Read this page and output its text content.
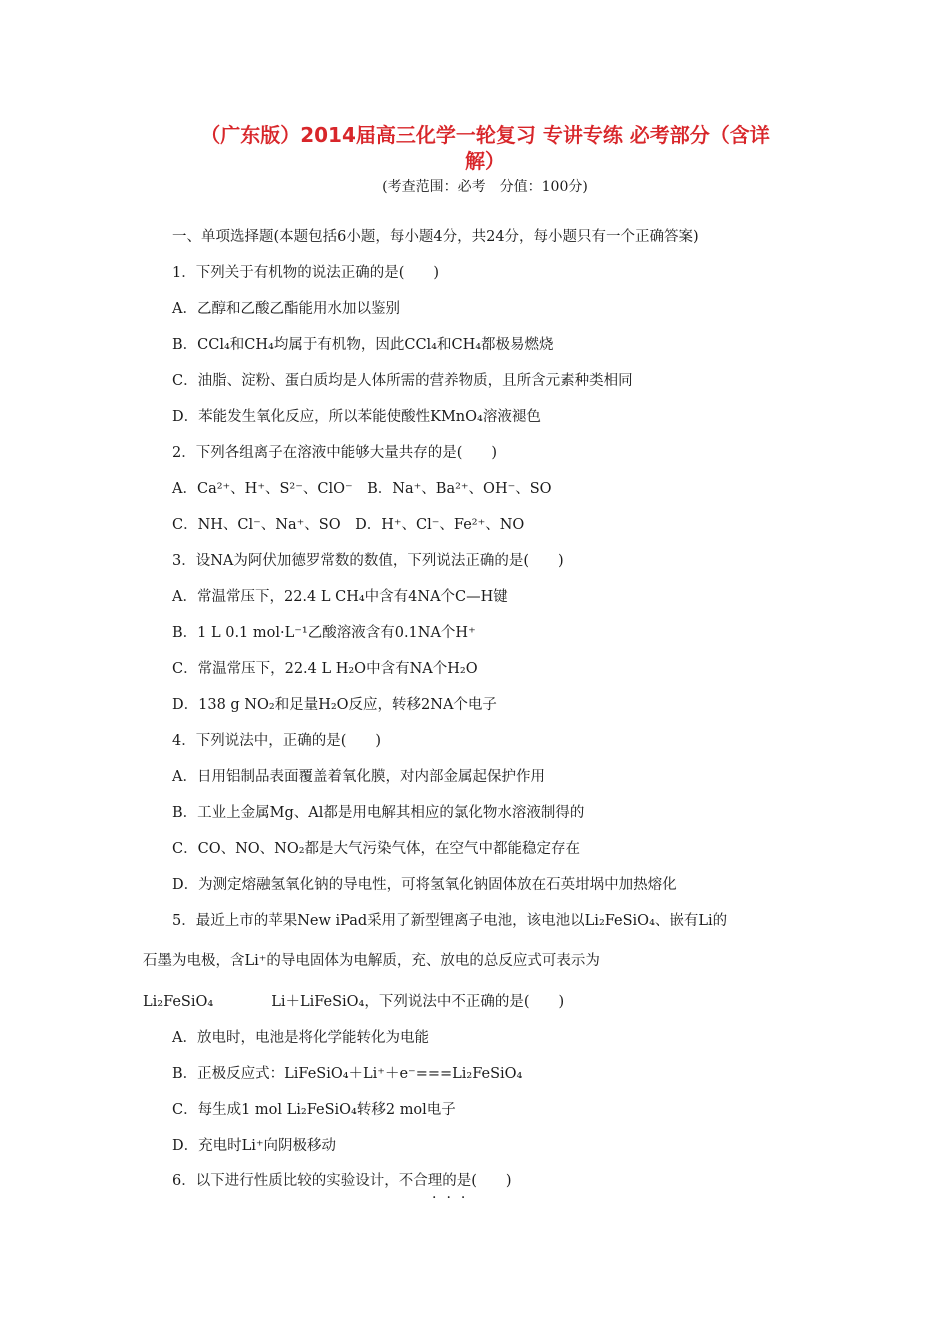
（广东版）2014届高三化学一轮复习 专讲专练 必考部分（含详
解）
(考查范围：必考　分值：100分)
一、单项选择题(本题包括6小题，每小题4分，共24分，每小题只有一个正确答案)
1．下列关于有机物的说法正确的是(　　)
A．乙醇和乙酸乙酯能用水加以鉴别
B．CCl₄和CH₄均属于有机物，因此CCl₄和CH₄都极易燃烧
C．油脂、淀粉、蛋白质均是人体所需的营养物质，且所含元素种类相同
D．苯能发生氧化反应，所以苯能使酸性KMnO₄溶液褪色
2．下列各组离子在溶液中能够大量共存的是(　　)
A．Ca²⁺、H⁺、S²⁻、ClO⁻　B．Na⁺、Ba²⁺、OH⁻、SO
C．NH、Cl⁻、Na⁺、SO　D．H⁺、Cl⁻、Fe²⁺、NO
3．设NA为阿伏加德罗常数的数值，下列说法正确的是(　　)
A．常温常压下，22.4 L CH₄中含有4NA个C—H键
B．1 L 0.1 mol·L⁻¹乙酸溶液含有0.1NA个H⁺
C．常温常压下，22.4 L H₂O中含有NA个H₂O
D．138 g NO₂和足量H₂O反应，转移2NA个电子
4．下列说法中，正确的是(　　)
A．日用铝制品表面覆盖着氧化膜，对内部金属起保护作用
B．工业上金属Mg、Al都是用电解其相应的氯化物水溶液制得的
C．CO、NO、NO₂都是大气污染气体，在空气中都能稳定存在
D．为测定熔融氢氧化钠的导电性，可将氢氧化钠固体放在石英坩埚中加热熔化
5．最近上市的苹果New iPad采用了新型锂离子电池，该电池以Li₂FeSiO₄、嵌有Li的
石墨为电极，含Li⁺的导电固体为电解质，充、放电的总反应式可表示为
Li₂FeSiO₄　　　　Li＋LiFeSiO₄，下列说法中不正确的是(　　)
A．放电时，电池是将化学能转化为电能
B．正极反应式：LiFeSiO₄＋Li⁺＋e⁻===Li₂FeSiO₄
C．每生成1 mol Li₂FeSiO₄转移2 mol电子
D．充电时Li⁺向阴极移动
6．以下进行性质比较的实验设计，不合理的是(　　)
·​·​·
